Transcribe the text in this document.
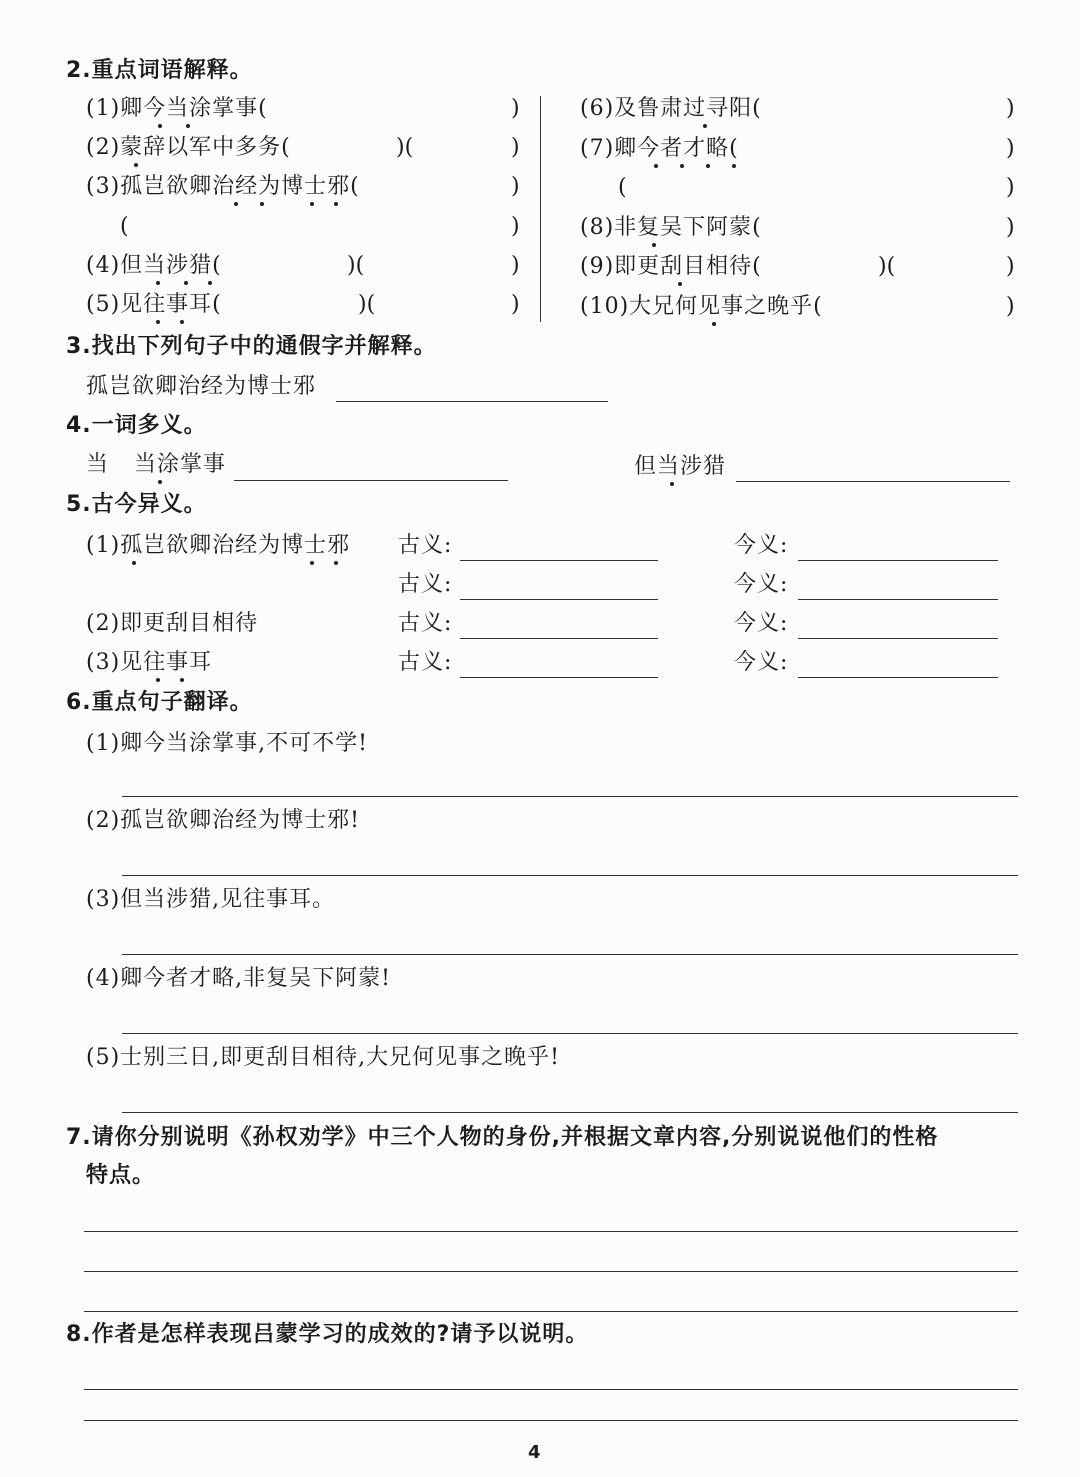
2.重点词语解释。
(1)卿今当涂掌事(	)
(2)蒙辞以军中多务(	)(	)
(3)孤岂欲卿治经为博士邪(	)
(	)
(4)但当涉猎(	)(	)
(5)见往事耳(	)(	)
(6)及鲁肃过寻阳(	)
(7)卿今者才略(	)
(	)
(8)非复吴下阿蒙(	)
(9)即更刮目相待(	)(	)
(10)大兄何见事之晚乎(	)
3.找出下列句子中的通假字并解释。
孤岂欲卿治经为博士邪
4.一词多义。
当 当涂掌事	但当涉猎
5.古今异义。
(1)孤岂欲卿治经为博士邪 古义:	今义:
古义:	今义:
(2)即更刮目相待	古义:	今义:
(3)见往事耳	古义:	今义:
6.重点句子翻译。
(1)卿今当涂掌事,不可不学!
(2)孤岂欲卿治经为博士邪!
(3)但当涉猎,见往事耳。
(4)卿今者才略,非复吴下阿蒙!
(5)士别三日,即更刮目相待,大兄何见事之晚乎!
7.请你分别说明《孙权劝学》中三个人物的身份,并根据文章内容,分别说说他们的性格
特点。
8.作者是怎样表现吕蒙学习的成效的?请予以说明。
4
